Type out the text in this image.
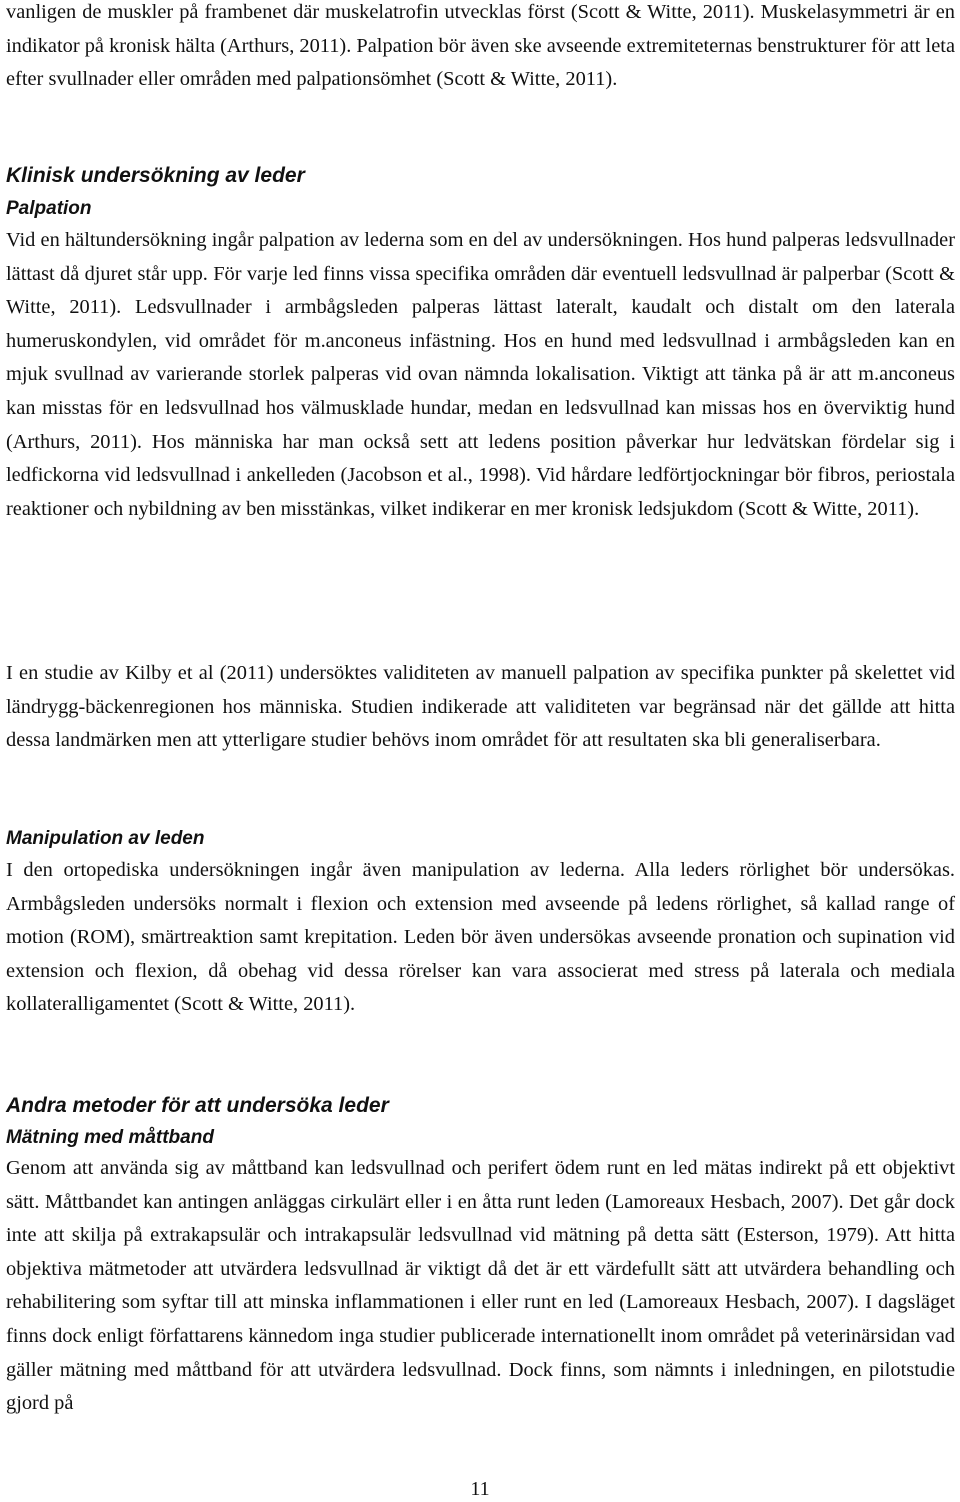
vanligen de muskler på frambenet där muskelatrofin utvecklas först (Scott & Witte, 2011). Muskelasymmetri är en indikator på kronisk hälta (Arthurs, 2011). Palpation bör även ske avseende extremiteternas benstrukturer för att leta efter svullnader eller områden med palpationsömhet (Scott & Witte, 2011).

Klinisk undersökning av leder
Palpation

Vid en hältundersökning ingår palpation av lederna som en del av undersökningen. Hos hund palperas ledsvullnader lättast då djuret står upp. För varje led finns vissa specifika områden där eventuell ledsvullnad är palperbar (Scott & Witte, 2011). Ledsvullnader i armbågsleden palperas lättast lateralt, kaudalt och distalt om den laterala humeruskondylen, vid området för m.anconeus infästning. Hos en hund med ledsvullnad i armbågsleden kan en mjuk svullnad av varierande storlek palperas vid ovan nämnda lokalisation. Viktigt att tänka på är att m.anconeus kan misstas för en ledsvullnad hos välmusklade hundar, medan en ledsvullnad kan missas hos en överviktig hund (Arthurs, 2011). Hos människa har man också sett att ledens position påverkar hur ledvätskan fördelar sig i ledfickorna vid ledsvullnad i ankelleden (Jacobson et al., 1998). Vid hårdare ledförtjockningar bör fibros, periostala reaktioner och nybildning av ben misstänkas, vilket indikerar en mer kronisk ledsjukdom (Scott & Witte, 2011).

I en studie av Kilby et al (2011) undersöktes validiteten av manuell palpation av specifika punkter på skelettet vid ländrygg-bäckenregionen hos människa. Studien indikerade att validiteten var begränsad när det gällde att hitta dessa landmärken men att ytterligare studier behövs inom området för att resultaten ska bli generaliserbara.

Manipulation av leden

I den ortopediska undersökningen ingår även manipulation av lederna. Alla leders rörlighet bör undersökas. Armbågsleden undersöks normalt i flexion och extension med avseende på ledens rörlighet, så kallad range of motion (ROM), smärtreaktion samt krepitation. Leden bör även undersökas avseende pronation och supination vid extension och flexion, då obehag vid dessa rörelser kan vara associerat med stress på laterala och mediala kollateralligamentet (Scott & Witte, 2011).

Andra metoder för att undersöka leder
Mätning med måttband

Genom att använda sig av måttband kan ledsvullnad och perifert ödem runt en led mätas indirekt på ett objektivt sätt. Måttbandet kan antingen anläggas cirkulärt eller i en åtta runt leden (Lamoreaux Hesbach, 2007). Det går dock inte att skilja på extrakapsulär och intrakapsulär ledsvullnad vid mätning på detta sätt (Esterson, 1979). Att hitta objektiva mätmetoder att utvärdera ledsvullnad är viktigt då det är ett värdefullt sätt att utvärdera behandling och rehabilitering som syftar till att minska inflammationen i eller runt en led (Lamoreaux Hesbach, 2007). I dagsläget finns dock enligt författarens kännedom inga studier publicerade internationellt inom området på veterinärsidan vad gäller mätning med måttband för att utvärdera ledsvullnad. Dock finns, som nämnts i inledningen, en pilotstudie gjord på

11
